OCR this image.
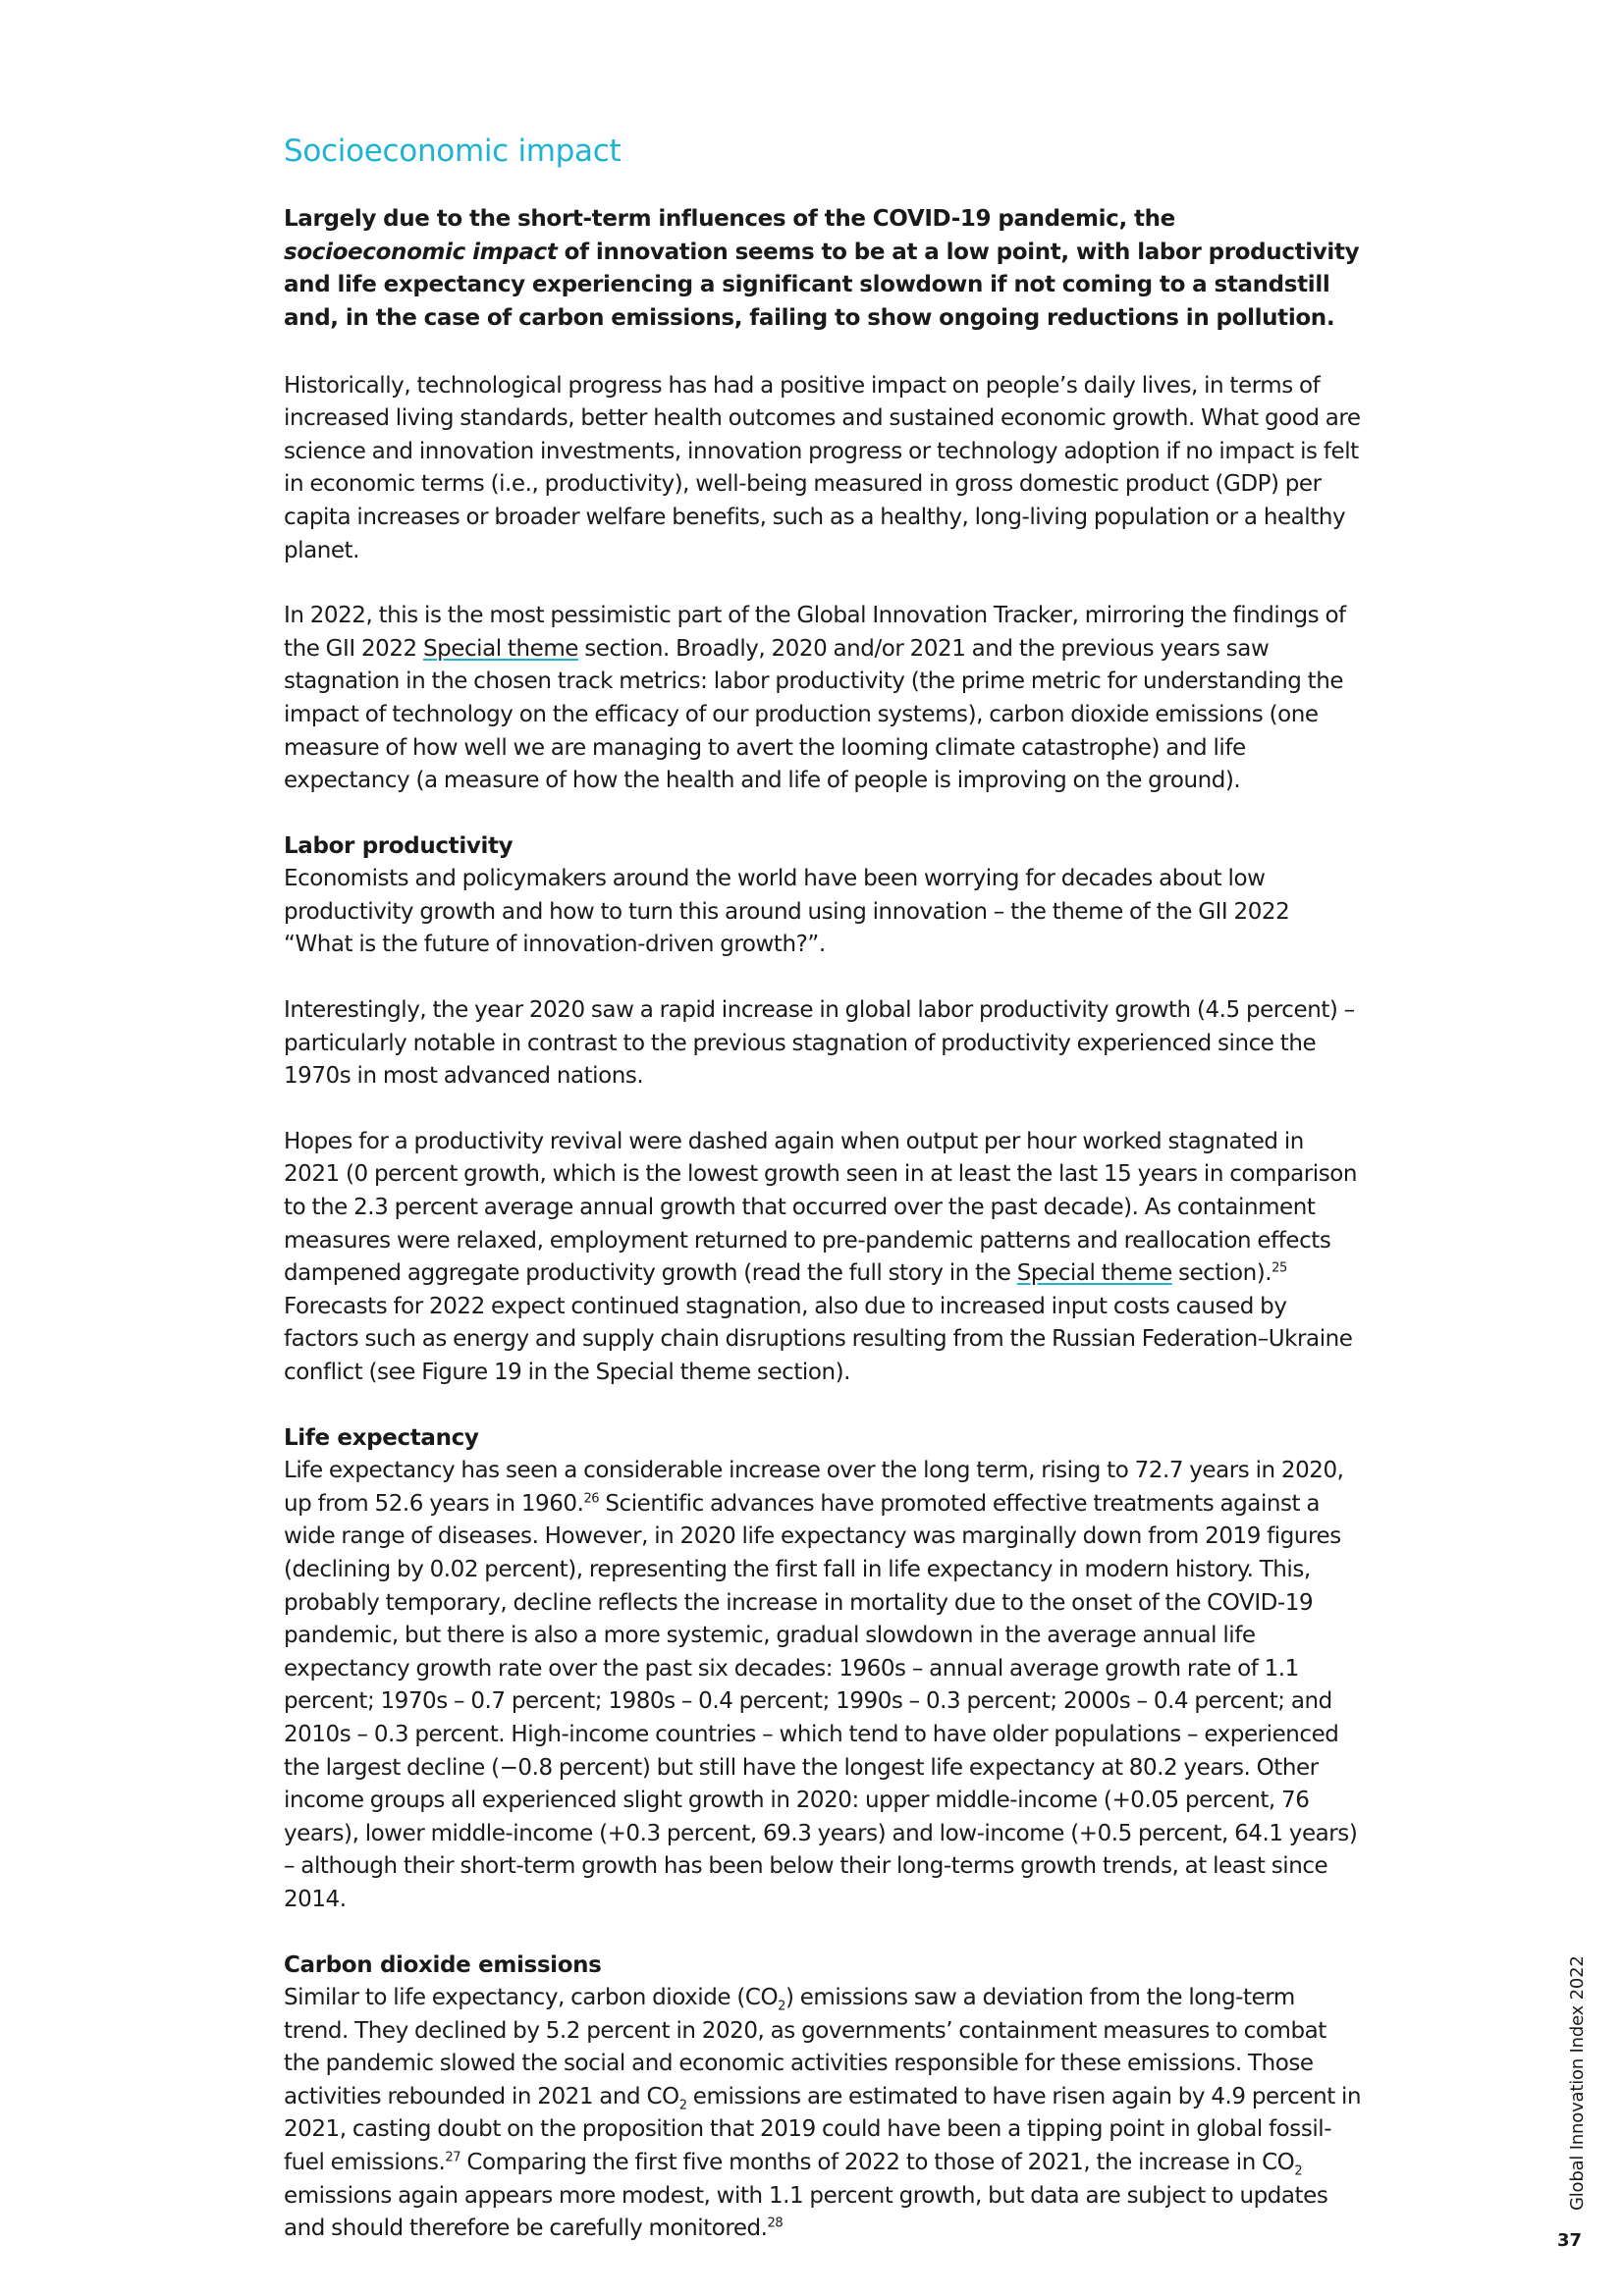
Socioeconomic impact
Largely due to the short-term influences of the COVID-19 pandemic, the socioeconomic impact of innovation seems to be at a low point, with labor productivity and life expectancy experiencing a significant slowdown if not coming to a standstill and, in the case of carbon emissions, failing to show ongoing reductions in pollution.

Historically, technological progress has had a positive impact on people’s daily lives, in terms of increased living standards, better health outcomes and sustained economic growth. What good are science and innovation investments, innovation progress or technology adoption if no impact is felt in economic terms (i.e., productivity), well-being measured in gross domestic product (GDP) per capita increases or broader welfare benefits, such as a healthy, long-living population or a healthy planet.

In 2022, this is the most pessimistic part of the Global Innovation Tracker, mirroring the findings of the GII 2022 Special theme section. Broadly, 2020 and/or 2021 and the previous years saw stagnation in the chosen track metrics: labor productivity (the prime metric for understanding the impact of technology on the efficacy of our production systems), carbon dioxide emissions (one measure of how well we are managing to avert the looming climate catastrophe) and life expectancy (a measure of how the health and life of people is improving on the ground).

Labor productivity

Economists and policymakers around the world have been worrying for decades about low productivity growth and how to turn this around using innovation – the theme of the GII 2022 “What is the future of innovation-driven growth?”.

Interestingly, the year 2020 saw a rapid increase in global labor productivity growth (4.5 percent) – particularly notable in contrast to the previous stagnation of productivity experienced since the 1970s in most advanced nations.

Hopes for a productivity revival were dashed again when output per hour worked stagnated in 2021 (0 percent growth, which is the lowest growth seen in at least the last 15 years in comparison to the 2.3 percent average annual growth that occurred over the past decade). As containment measures were relaxed, employment returned to pre-pandemic patterns and reallocation effects dampened aggregate productivity growth (read the full story in the Special theme section).$^{25}$ Forecasts for 2022 expect continued stagnation, also due to increased input costs caused by factors such as energy and supply chain disruptions resulting from the Russian Federation–Ukraine conflict (see Figure 19 in the Special theme section).

Life expectancy

Life expectancy has seen a considerable increase over the long term, rising to 72.7 years in 2020, up from 52.6 years in 1960.26 Scientific advances have promoted effective treatments against a wide range of diseases. However, in 2020 life expectancy was marginally down from 2019 figures (declining by 0.02 percent), representing the first fall in life expectancy in modern history. This, probably temporary, decline reflects the increase in mortality due to the onset of the COVID-19 pandemic, but there is also a more systemic, gradual slowdown in the average annual life expectancy growth rate over the past six decades: 1960s – annual average growth rate of 1.1 percent; 1970s – 0.7 percent; 1980s – 0.4 percent; 1990s – 0.3 percent; 2000s – 0.4 percent; and 2010s – 0.3 percent. High-income countries – which tend to have older populations – experienced the largest decline (−0.8 percent) but still have the longest life expectancy at 80.2 years. Other income groups all experienced slight growth in 2020: upper middle-income (+0.05 percent, 76 years), lower middle-income (+0.3 percent, 69.3 years) and low-income (+0.5 percent, 64.1 years) – although their short-term growth has been below their long-terms growth trends, at least since 2014.

Carbon dioxide emissions

Similar to life expectancy, carbon dioxide $(CO_2)$ emissions saw a deviation from the long-term trend. They declined by 5.2 percent in 2020, as governments’ containment measures to combat the pandemic slowed the social and economic activities responsible for these emissions. Those activities rebounded in 2021 and $CO_2$ emissions are estimated to have risen again by 4.9 percent in 2021, casting doubt on the proposition that 2019 could have been a tipping point in global fossil-fuel emissions.$^{27}$ Comparing the first five months of 2022 to those of 2021, the increase in $CO_2$ emissions again appears more modest, with 1.1 percent growth, but data are subject to updates and should therefore be carefully monitored.$^{28}$

Global Innovation Index 2022
37
